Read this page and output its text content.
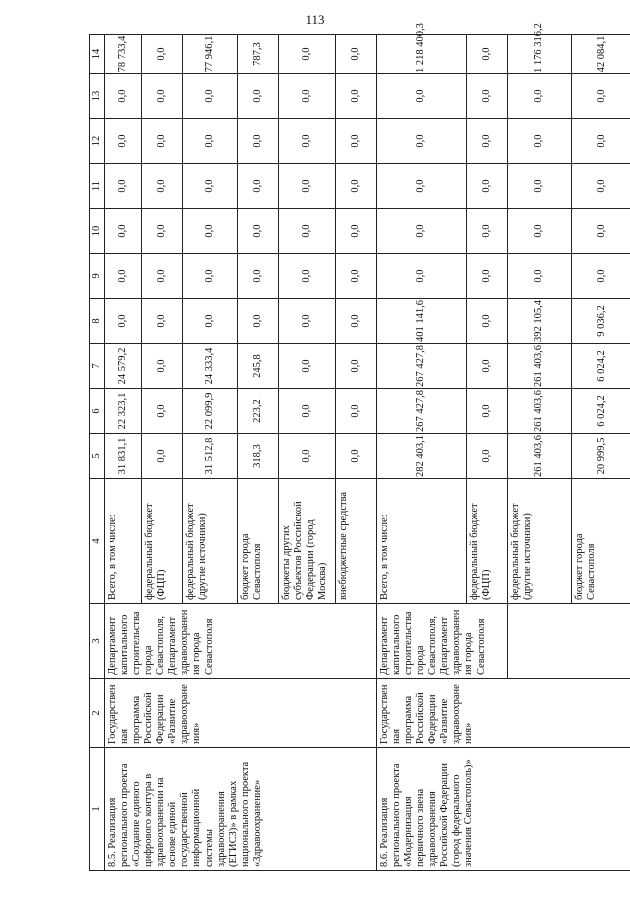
113
1	2	3	4	5	6	7	8	9	10	11	12	13	14
8.5. Реализация регионального проекта «Создание единого цифрового контура в здравоохранении на основе единой государственной информационной системы здравоохранения (ЕГИСЗ)» в рамках национального проекта «Здравоохранение»	Государственная программа Российской Федерации «Развитие здравоохранения»	Департамент капитального строительства города Севастополя, Департамент здравоохранения города Севастополя	Всего, в том числе:	31 831,1	22 323,1	24 579,2	0,0	0,0	0,0	0,0	0,0	0,0	78 733,4
			федеральный бюджет (ФЦП)	0,0	0,0	0,0	0,0	0,0	0,0	0,0	0,0	0,0	0,0
			федеральный бюджет (другие источники)	31 512,8	22 099,9	24 333,4	0,0	0,0	0,0	0,0	0,0	0,0	77 946,1
			бюджет города Севастополя	318,3	223,2	245,8	0,0	0,0	0,0	0,0	0,0	0,0	787,3
			бюджеты других субъектов Российской Федерации (город Москва)	0,0	0,0	0,0	0,0	0,0	0,0	0,0	0,0	0,0	0,0
			внебюджетные средства	0,0	0,0	0,0	0,0	0,0	0,0	0,0	0,0	0,0	0,0
8.6. Реализация регионального проекта «Модернизация первичного звена здравоохранения Российской Федерации (город федерального значения Севастополь)»	Государственная программа Российской Федерации «Развитие здравоохранения»	Департамент капитального строительства города Севастополя, Департамент здравоохранения города Севастополя	Всего, в том числе:	282 403,1	267 427,8	267 427,8	401 141,6	0,0	0,0	0,0	0,0	0,0	1 218 400,3
			федеральный бюджет (ФЦП)	0,0	0,0	0,0	0,0	0,0	0,0	0,0	0,0	0,0	0,0
			федеральный бюджет (другие источники)	261 403,6	261 403,6	261 403,6	392 105,4	0,0	0,0	0,0	0,0	0,0	1 176 316,2
			бюджет города Севастополя	20 999,5	6 024,2	6 024,2	9 036,2	0,0	0,0	0,0	0,0	0,0	42 084,1
